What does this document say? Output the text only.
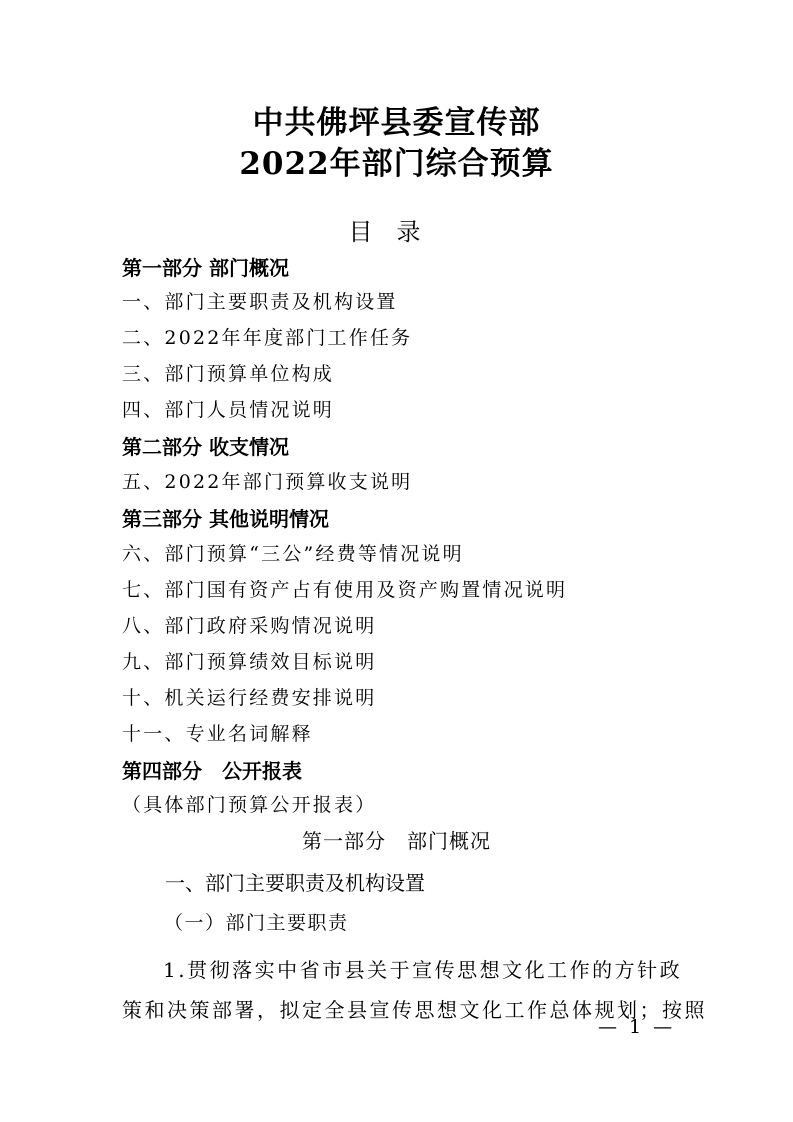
中共佛坪县委宣传部
2022年部门综合预算
目录
第一部分 部门概况
一、部门主要职责及机构设置
二、2022年年度部门工作任务
三、部门预算单位构成
四、部门人员情况说明
第二部分 收支情况
五、2022年部门预算收支说明
第三部分 其他说明情况
六、部门预算“三公”经费等情况说明
七、部门国有资产占有使用及资产购置情况说明
八、部门政府采购情况说明
九、部门预算绩效目标说明
十、机关运行经费安排说明
十一、专业名词解释
第四部分　公开报表
（具体部门预算公开报表）
第一部分　部门概况
一、部门主要职责及机构设置
（一）部门主要职责
1.贯彻落实中省市县关于宣传思想文化工作的方针政
策和决策部署，拟定全县宣传思想文化工作总体规划；按照
— 1 —
